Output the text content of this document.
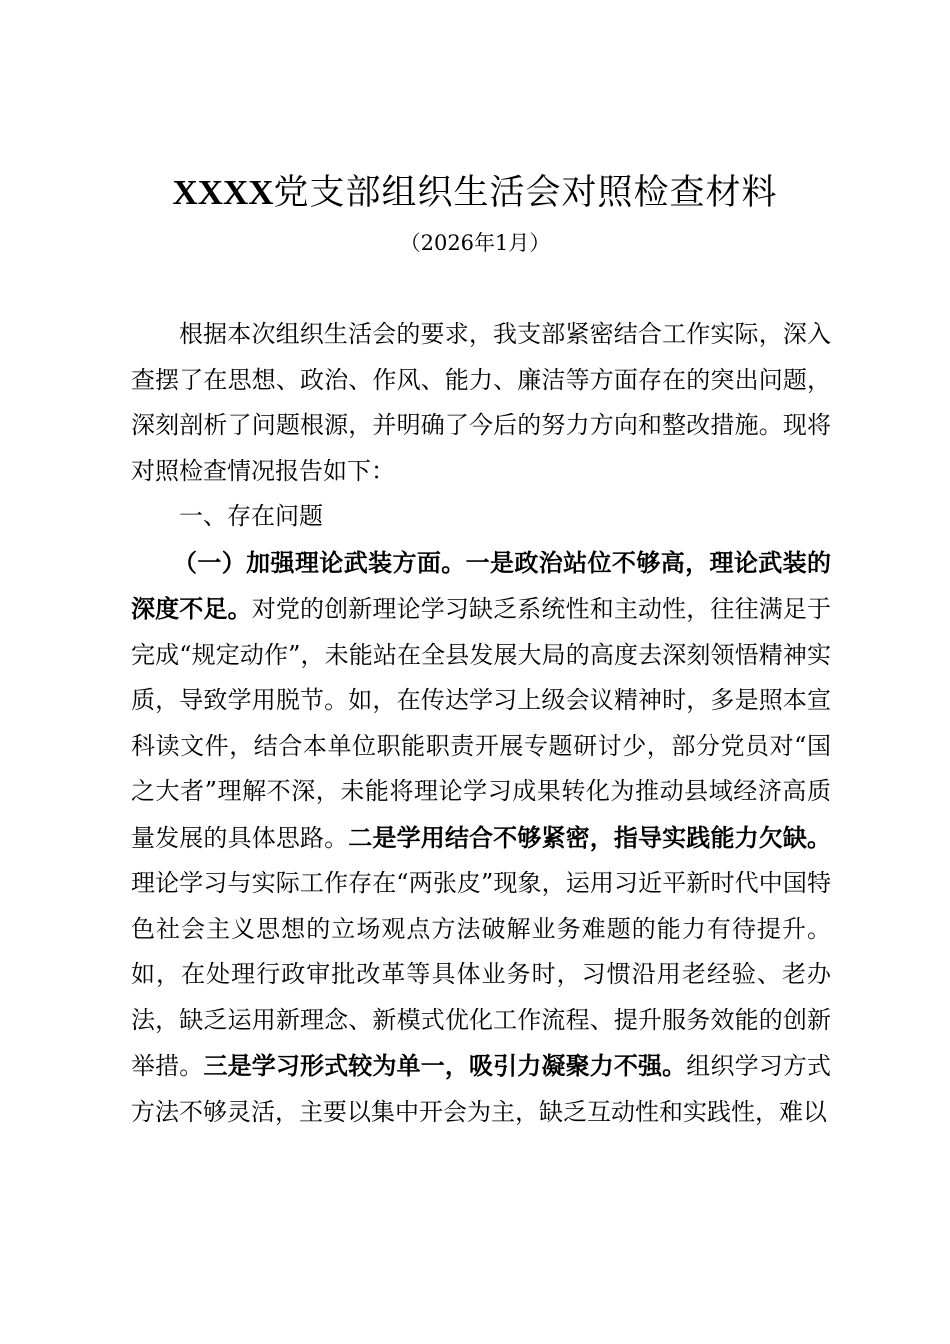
XXXX党支部组织生活会对照检查材料
（2026年1月）

根据本次组织生活会的要求，我支部紧密结合工作实际，深入查摆了在思想、政治、作风、能力、廉洁等方面存在的突出问题，深刻剖析了问题根源，并明确了今后的努力方向和整改措施。现将对照检查情况报告如下：

一、存在问题

（一）加强理论武装方面。一是政治站位不够高，理论武装的深度不足。对党的创新理论学习缺乏系统性和主动性，往往满足于完成“规定动作”，未能站在全县发展大局的高度去深刻领悟精神实质，导致学用脱节。如，在传达学习上级会议精神时，多是照本宣科读文件，结合本单位职能职责开展专题研讨少，部分党员对“国之大者”理解不深，未能将理论学习成果转化为推动县域经济高质量发展的具体思路。二是学用结合不够紧密，指导实践能力欠缺。理论学习与实际工作存在“两张皮”现象，运用习近平新时代中国特色社会主义思想的立场观点方法破解业务难题的能力有待提升。如，在处理行政审批改革等具体业务时，习惯沿用老经验、老办法，缺乏运用新理念、新模式优化工作流程、提升服务效能的创新举措。三是学习形式较为单一，吸引力凝聚力不强。组织学习方式方法不够灵活，主要以集中开会为主，缺乏互动性和实践性，难以
